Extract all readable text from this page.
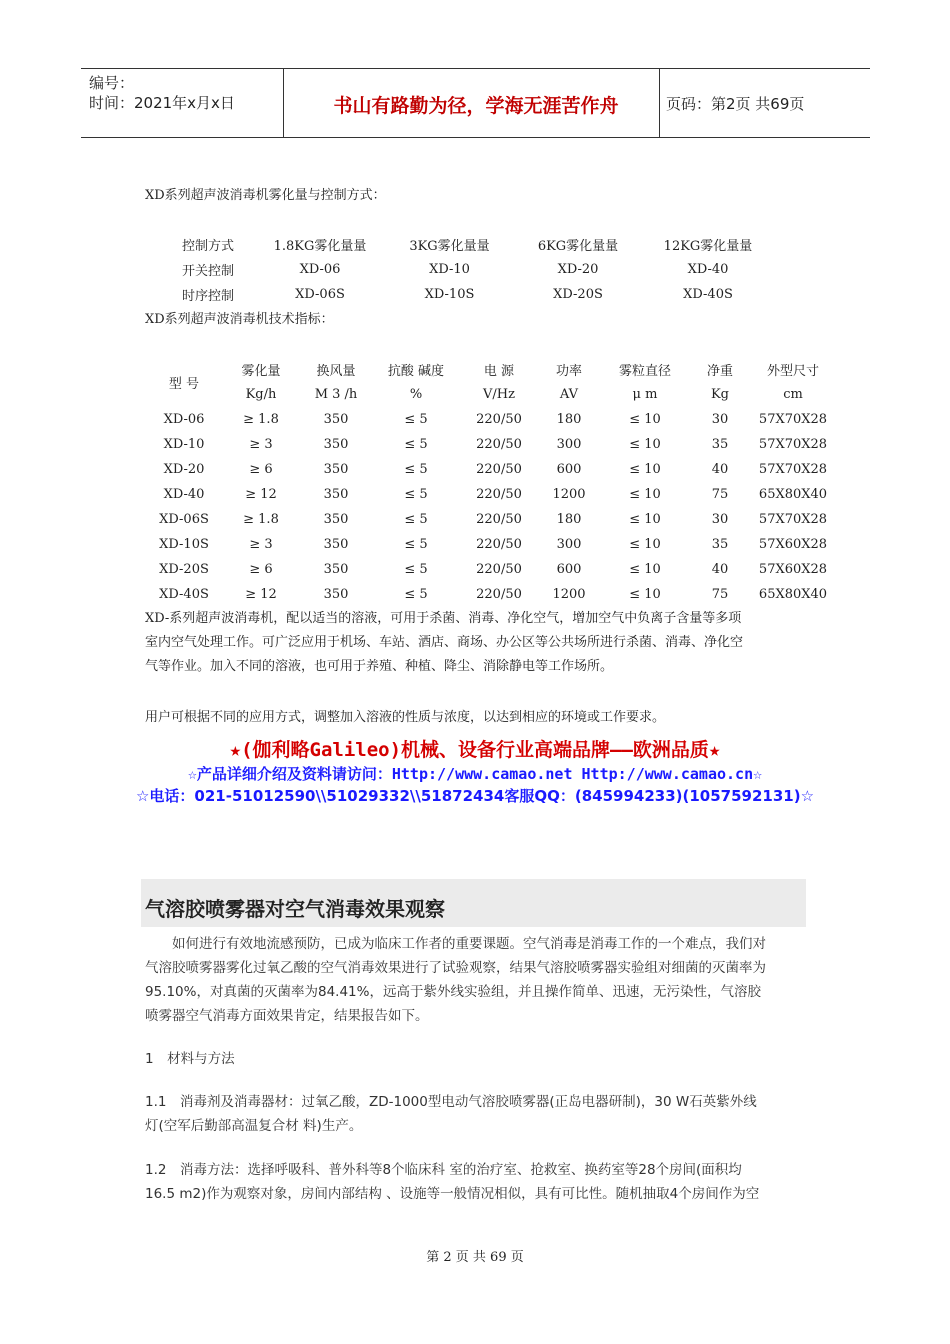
编号：
时间：2021年x月x日	书山有路勤为径，学海无涯苦作舟	页码：第2页 共69页
XD系列超声波消毒机雾化量与控制方式：
控制方式	1.8KG雾化量量	3KG雾化量量	6KG雾化量量	12KG雾化量量
开关控制	XD-06	XD-10	XD-20	XD-40
时序控制	XD-06S	XD-10S	XD-20S	XD-40S
XD系列超声波消毒机技术指标：
型 号	雾化量	换风量	抗酸 碱度	电 源	功率	雾粒直径	净重	外型尺寸
	Kg/h	M 3 /h	%	V/Hz	AV	μ m	Kg	cm
XD-06	≥ 1.8	350	≤ 5	220/50	180	≤ 10	30	57X70X28
XD-10	≥ 3	350	≤ 5	220/50	300	≤ 10	35	57X70X28
XD-20	≥ 6	350	≤ 5	220/50	600	≤ 10	40	57X70X28
XD-40	≥ 12	350	≤ 5	220/50	1200	≤ 10	75	65X80X40
XD-06S	≥ 1.8	350	≤ 5	220/50	180	≤ 10	30	57X70X28
XD-10S	≥ 3	350	≤ 5	220/50	300	≤ 10	35	57X60X28
XD-20S	≥ 6	350	≤ 5	220/50	600	≤ 10	40	57X60X28
XD-40S	≥ 12	350	≤ 5	220/50	1200	≤ 10	75	65X80X40
XD-系列超声波消毒机，配以适当的溶液，可用于杀菌、消毒、净化空气，增加空气中负离子含量等多项
室内空气处理工作。可广泛应用于机场、车站、酒店、商场、办公区等公共场所进行杀菌、消毒、净化空
气等作业。加入不同的溶液，也可用于养殖、种植、降尘、消除静电等工作场所。
用户可根据不同的应用方式，调整加入溶液的性质与浓度，以达到相应的环境或工作要求。
★(伽利略Galileo)机械、设备行业高端品牌——欧洲品质★
☆产品详细介绍及资料请访问：Http://www.camao.net Http://www.camao.cn☆
☆电话：021-51012590\\51029332\\51872434客服QQ：(845994233)(1057592131)☆
气溶胶喷雾器对空气消毒效果观察
　　如何进行有效地流感预防，已成为临床工作者的重要课题。空气消毒是消毒工作的一个难点，我们对
气溶胶喷雾器雾化过氧乙酸的空气消毒效果进行了试验观察，结果气溶胶喷雾器实验组对细菌的灭菌率为
95.10%，对真菌的灭菌率为84.41%，远高于紫外线实验组，并且操作简单、迅速，无污染性，气溶胶
喷雾器空气消毒方面效果肯定，结果报告如下。
1　材料与方法
1.1　消毒剂及消毒器材：过氧乙酸，ZD-1000型电动气溶胶喷雾器(正岛电器研制)，30 W石英紫外线
灯(空军后勤部高温复合材 料)生产。
1.2　消毒方法：选择呼吸科、普外科等8个临床科 室的治疗室、抢救室、换药室等28个房间(面积均
16.5 m2)作为观察对象，房间内部结构 、设施等一般情况相似，具有可比性。随机抽取4个房间作为空
第 2 页 共 69 页
